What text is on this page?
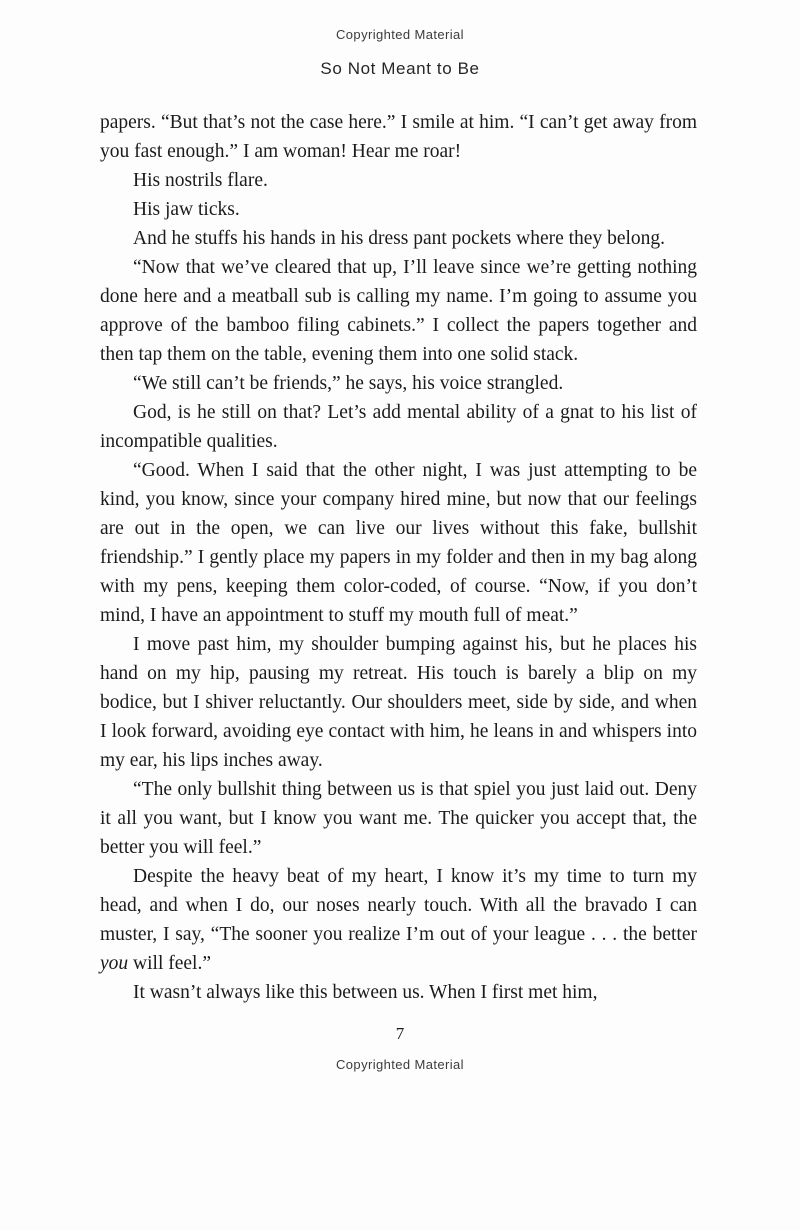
Copyrighted Material

So Not Meant to Be

papers. “But that’s not the case here.” I smile at him. “I can’t get away from you fast enough.” I am woman! Hear me roar!

His nostrils flare.

His jaw ticks.

And he stuffs his hands in his dress pant pockets where they belong.

“Now that we’ve cleared that up, I’ll leave since we’re getting nothing done here and a meatball sub is calling my name. I’m going to assume you approve of the bamboo filing cabinets.” I collect the papers together and then tap them on the table, evening them into one solid stack.

“We still can’t be friends,” he says, his voice strangled.

God, is he still on that? Let’s add mental ability of a gnat to his list of incompatible qualities.

“Good. When I said that the other night, I was just attempting to be kind, you know, since your company hired mine, but now that our feelings are out in the open, we can live our lives without this fake, bullshit friendship.” I gently place my papers in my folder and then in my bag along with my pens, keeping them color-coded, of course. “Now, if you don’t mind, I have an appointment to stuff my mouth full of meat.”

I move past him, my shoulder bumping against his, but he places his hand on my hip, pausing my retreat. His touch is barely a blip on my bodice, but I shiver reluctantly. Our shoulders meet, side by side, and when I look forward, avoiding eye contact with him, he leans in and whispers into my ear, his lips inches away.

“The only bullshit thing between us is that spiel you just laid out. Deny it all you want, but I know you want me. The quicker you accept that, the better you will feel.”

Despite the heavy beat of my heart, I know it’s my time to turn my head, and when I do, our noses nearly touch. With all the bravado I can muster, I say, “The sooner you realize I’m out of your league . . . the better you will feel.”

It wasn’t always like this between us. When I first met him,

7

Copyrighted Material
